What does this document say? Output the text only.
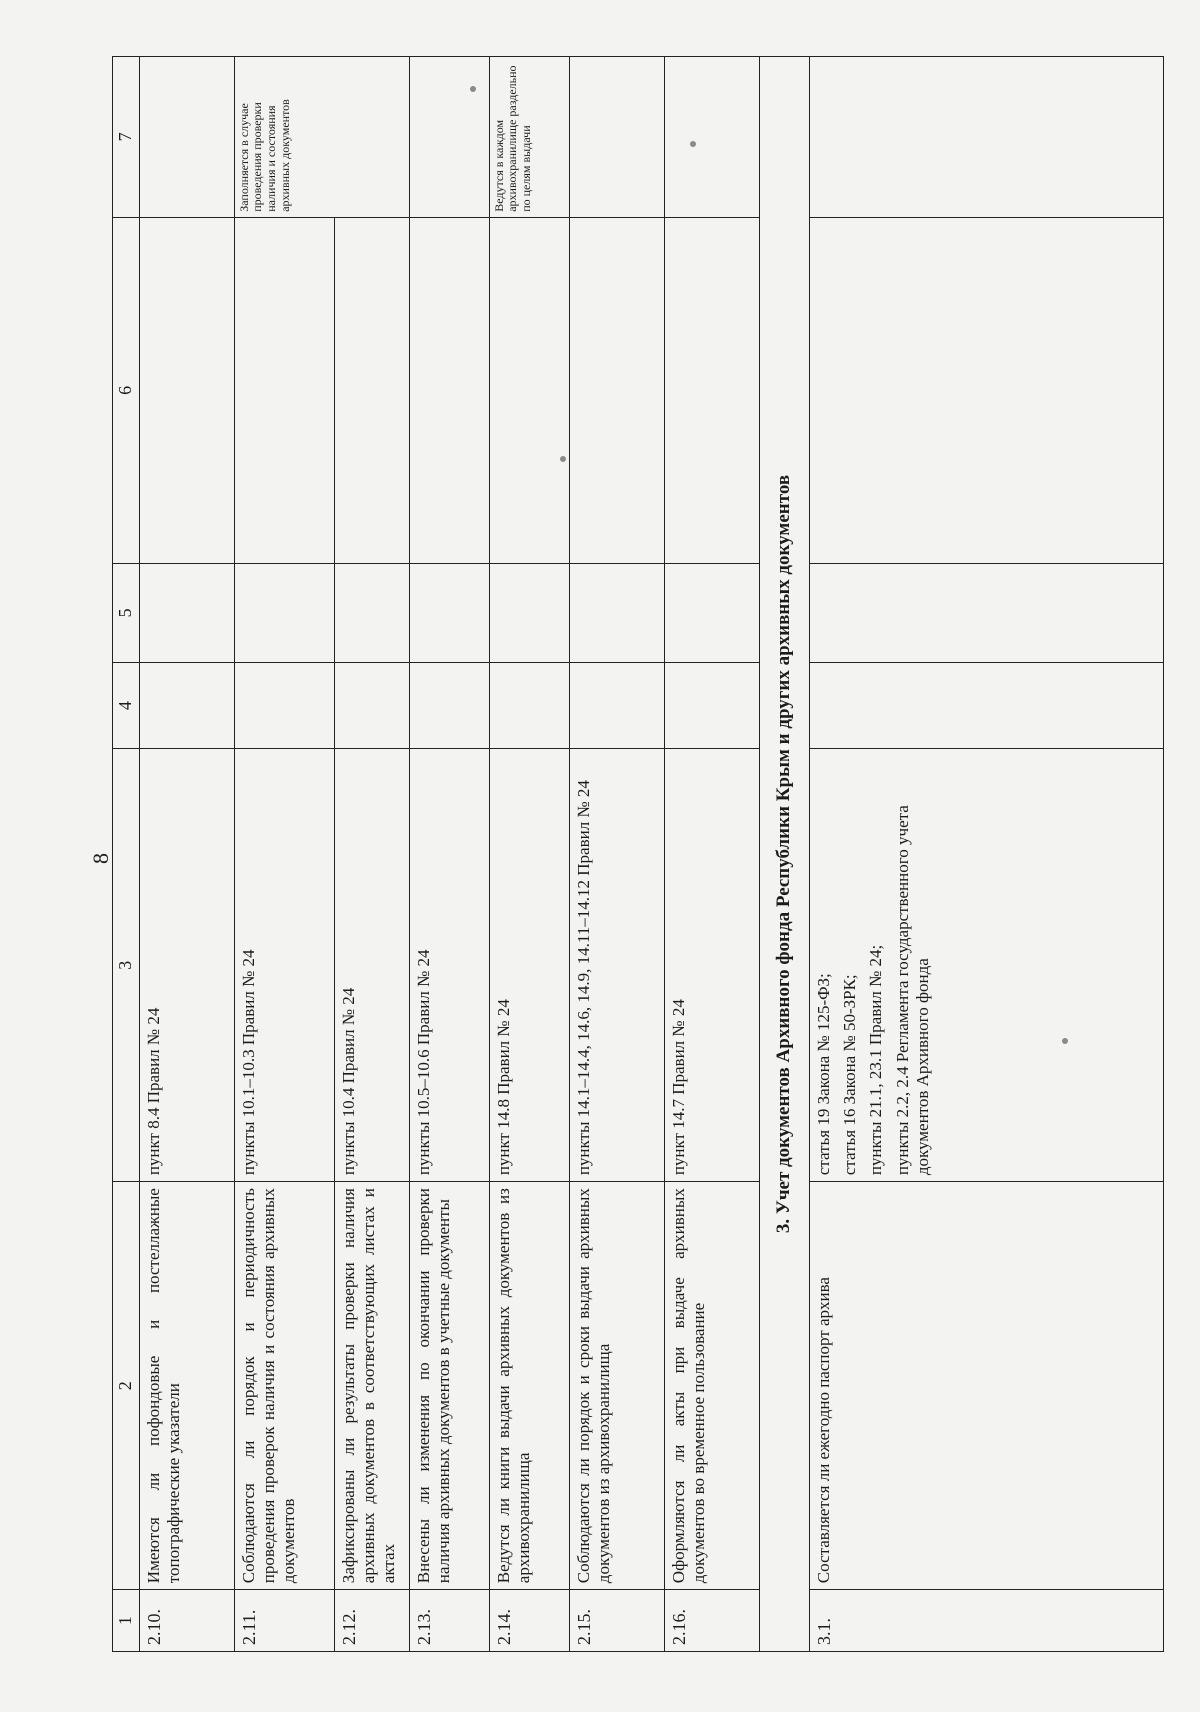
8
1	2	3	4	5	6	7
2.10.	Имеются ли пофондовые и постеллажные топографические указатели	пункт 8.4 Правил № 24				
2.11.	Соблюдаются ли порядок и периодичность проведения проверок наличия и состояния архивных документов	пункты 10.1–10.3 Правил № 24				Заполняется в случае проведения проверки наличия и состояния архивных документов
2.12.	Зафиксированы ли результаты проверки наличия архивных документов в соответствующих листах и актах	пункты 10.4 Правил № 24				
2.13.	Внесены ли изменения по окончании проверки наличия архивных документов в учетные документы	пункты 10.5–10.6 Правил № 24				
2.14.	Ведутся ли книги выдачи архивных документов из архивохранилища	пункт 14.8 Правил № 24				Ведутся в каждом архивохранилище раздельно по целям выдачи
2.15.	Соблюдаются ли порядок и сроки выдачи архивных документов из архивохранилища	пункты 14.1–14.4, 14.6, 14.9, 14.11–14.12 Правил № 24				
2.16.	Оформляются ли акты при выдаче архивных документов во временное пользование	пункт 14.7 Правил № 24				
3. Учет документов Архивного фонда Республики Крым и других архивных документов						
3.1.	Составляется ли ежегодно паспорт архива	статья 19 Закона № 125-ФЗ; статья 16 Закона № 50-ЗРК; пункты 21.1, 23.1 Правил № 24; пункты 2.2, 2.4 Регламента государственного учета документов Архивного фонда				
